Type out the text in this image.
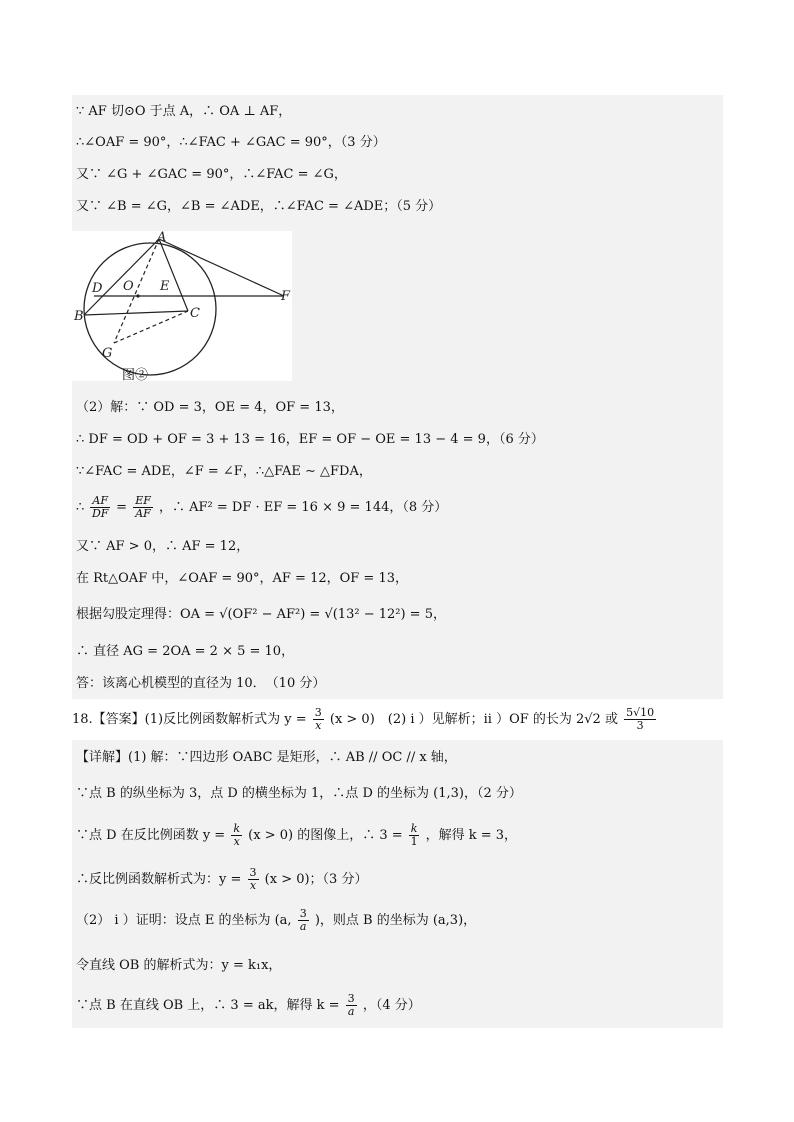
∵ AF 切⊙O 于点 A，∴ OA ⊥ AF，
∴∠OAF = 90°，∴∠FAC + ∠GAC = 90°，（3 分）
又∵ ∠G + ∠GAC = 90°，∴∠FAC = ∠G，
又∵ ∠B = ∠G，∠B = ∠ADE，∴∠FAC = ∠ADE；（5 分）
A
D O E
F
B	C
G
图②
（2）解：∵ OD = 3，OE = 4，OF = 13，
∴ DF = OD + OF = 3 + 13 = 16，EF = OF − OE = 13 − 4 = 9，（6 分）
∵∠FAC = ADE，∠F = ∠F，∴△FAE ∼ △FDA，
∴ $\frac{AF}{DF} = \frac{EF}{AF}$ ，∴ AF² = DF · EF = 16 × 9 = 144，（8 分）
又∵ AF > 0，∴ AF = 12，
在 Rt△OAF 中，∠OAF = 90°，AF = 12，OF = 13，
根据勾股定理得：OA = √(OF² − AF²) = √(13² − 12²) = 5，
∴ 直径 AG = 2OA = 2 × 5 = 10，
答：该离心机模型的直径为 10．　（10 分）
18.【答案】(1)反比例函数解析式为 $y = \frac{3}{x} (x > 0)$　(2) i ）见解析；ii ）OF 的长为 2√2 或 $\frac{5√10}{3}$
【详解】(1) 解：∵四边形 OABC 是矩形，∴ AB // OC // x 轴，
∵点 B 的纵坐标为 3，点 D 的横坐标为 1，∴点 D 的坐标为 (1,3)，（2 分）
∵点 D 在反比例函数 $y = \frac{k}{x} (x > 0)$ 的图像上，∴ $3 = \frac{k}{1}$ ，解得 k = 3，
∴反比例函数解析式为：$y = \frac{3}{x} (x > 0)$；（3 分）
（2） i ）证明：设点 E 的坐标为 (a, $\frac{3}{a}$ )，则点 B 的坐标为 (a,3)，
令直线 OB 的解析式为：y = k₁x，
∵点 B 在直线 OB 上，∴ 3 = ak，解得 $k = \frac{3}{a}$ ，（4 分）
